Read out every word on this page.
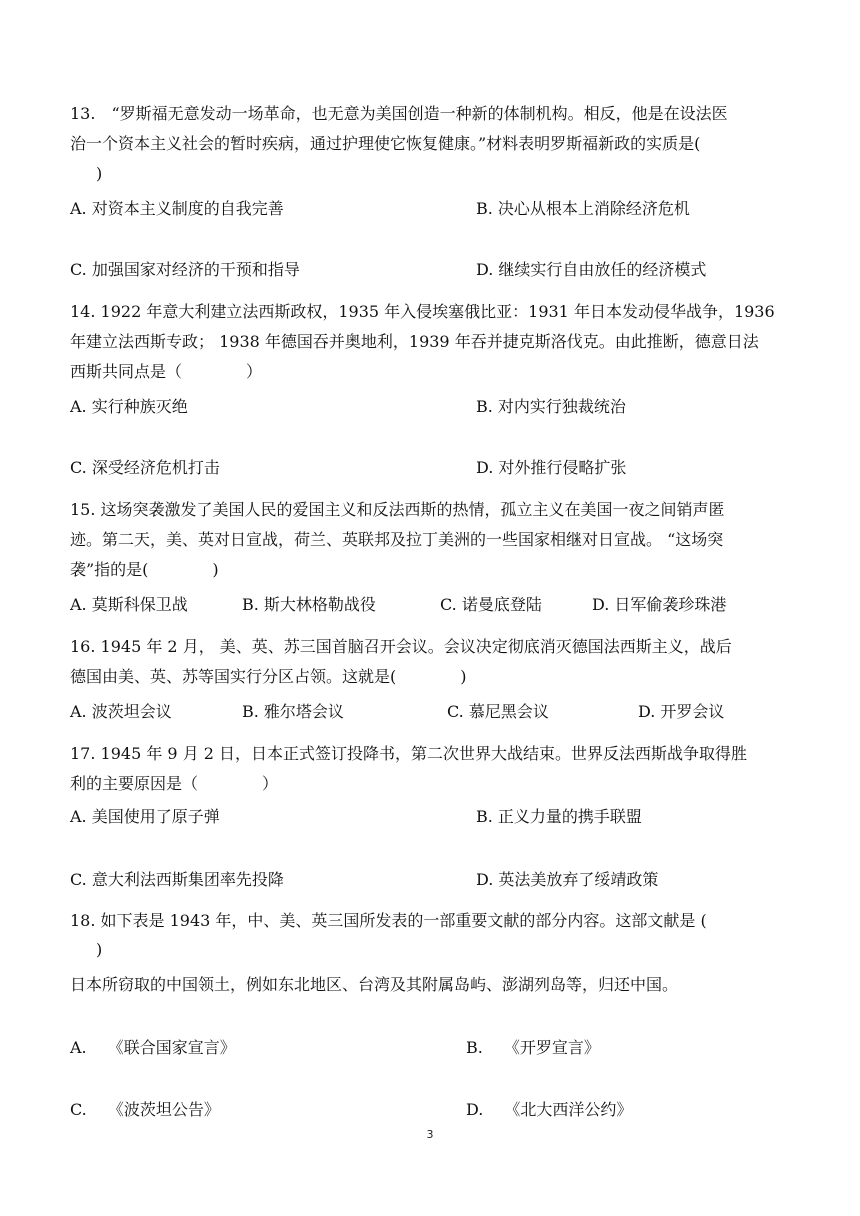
13.　“罗斯福无意发动一场革命，也无意为美国创造一种新的体制机构。相反，他是在设法医
治一个资本主义社会的暂时疾病，通过护理使它恢复健康。”材料表明罗斯福新政的实质是(
)
A. 对资本主义制度的自我完善	B. 决心从根本上消除经济危机
C. 加强国家对经济的干预和指导	D. 继续实行自由放任的经济模式
14. 1922 年意大利建立法西斯政权，1935 年入侵埃塞俄比亚：1931 年日本发动侵华战争，1936
年建立法西斯专政； 1938 年德国吞并奥地利，1939 年吞并捷克斯洛伐克。由此推断，德意日法
西斯共同点是（　　　　）
A. 实行种族灭绝	B. 对内实行独裁统治
C. 深受经济危机打击	D. 对外推行侵略扩张
15. 这场突袭激发了美国人民的爱国主义和反法西斯的热情，孤立主义在美国一夜之间销声匿
迹。第二天，美、英对日宣战，荷兰、英联邦及拉丁美洲的一些国家相继对日宣战。 “这场突
袭”指的是(　　　　)
A. 莫斯科保卫战	B. 斯大林格勒战役	C. 诺曼底登陆	D. 日军偷袭珍珠港
16. 1945 年 2 月， 美、英、苏三国首脑召开会议。会议决定彻底消灭德国法西斯主义，战后
德国由美、英、苏等国实行分区占领。这就是(　　　　)
A. 波茨坦会议	B. 雅尔塔会议	C. 慕尼黑会议	D. 开罗会议
17. 1945 年 9 月 2 日，日本正式签订投降书，第二次世界大战结束。世界反法西斯战争取得胜
利的主要原因是（　　　　）
A. 美国使用了原子弹	B. 正义力量的携手联盟
C. 意大利法西斯集团率先投降	D. 英法美放弃了绥靖政策
18. 如下表是 1943 年，中、美、英三国所发表的一部重要文献的部分内容。这部文献是 (
)
日本所窃取的中国领土，例如东北地区、台湾及其附属岛屿、澎湖列岛等，归还中国。
A.　 《联合国家宣言》	B.　 《开罗宣言》
C.　 《波茨坦公告》	D.　 《北大西洋公约》
3
